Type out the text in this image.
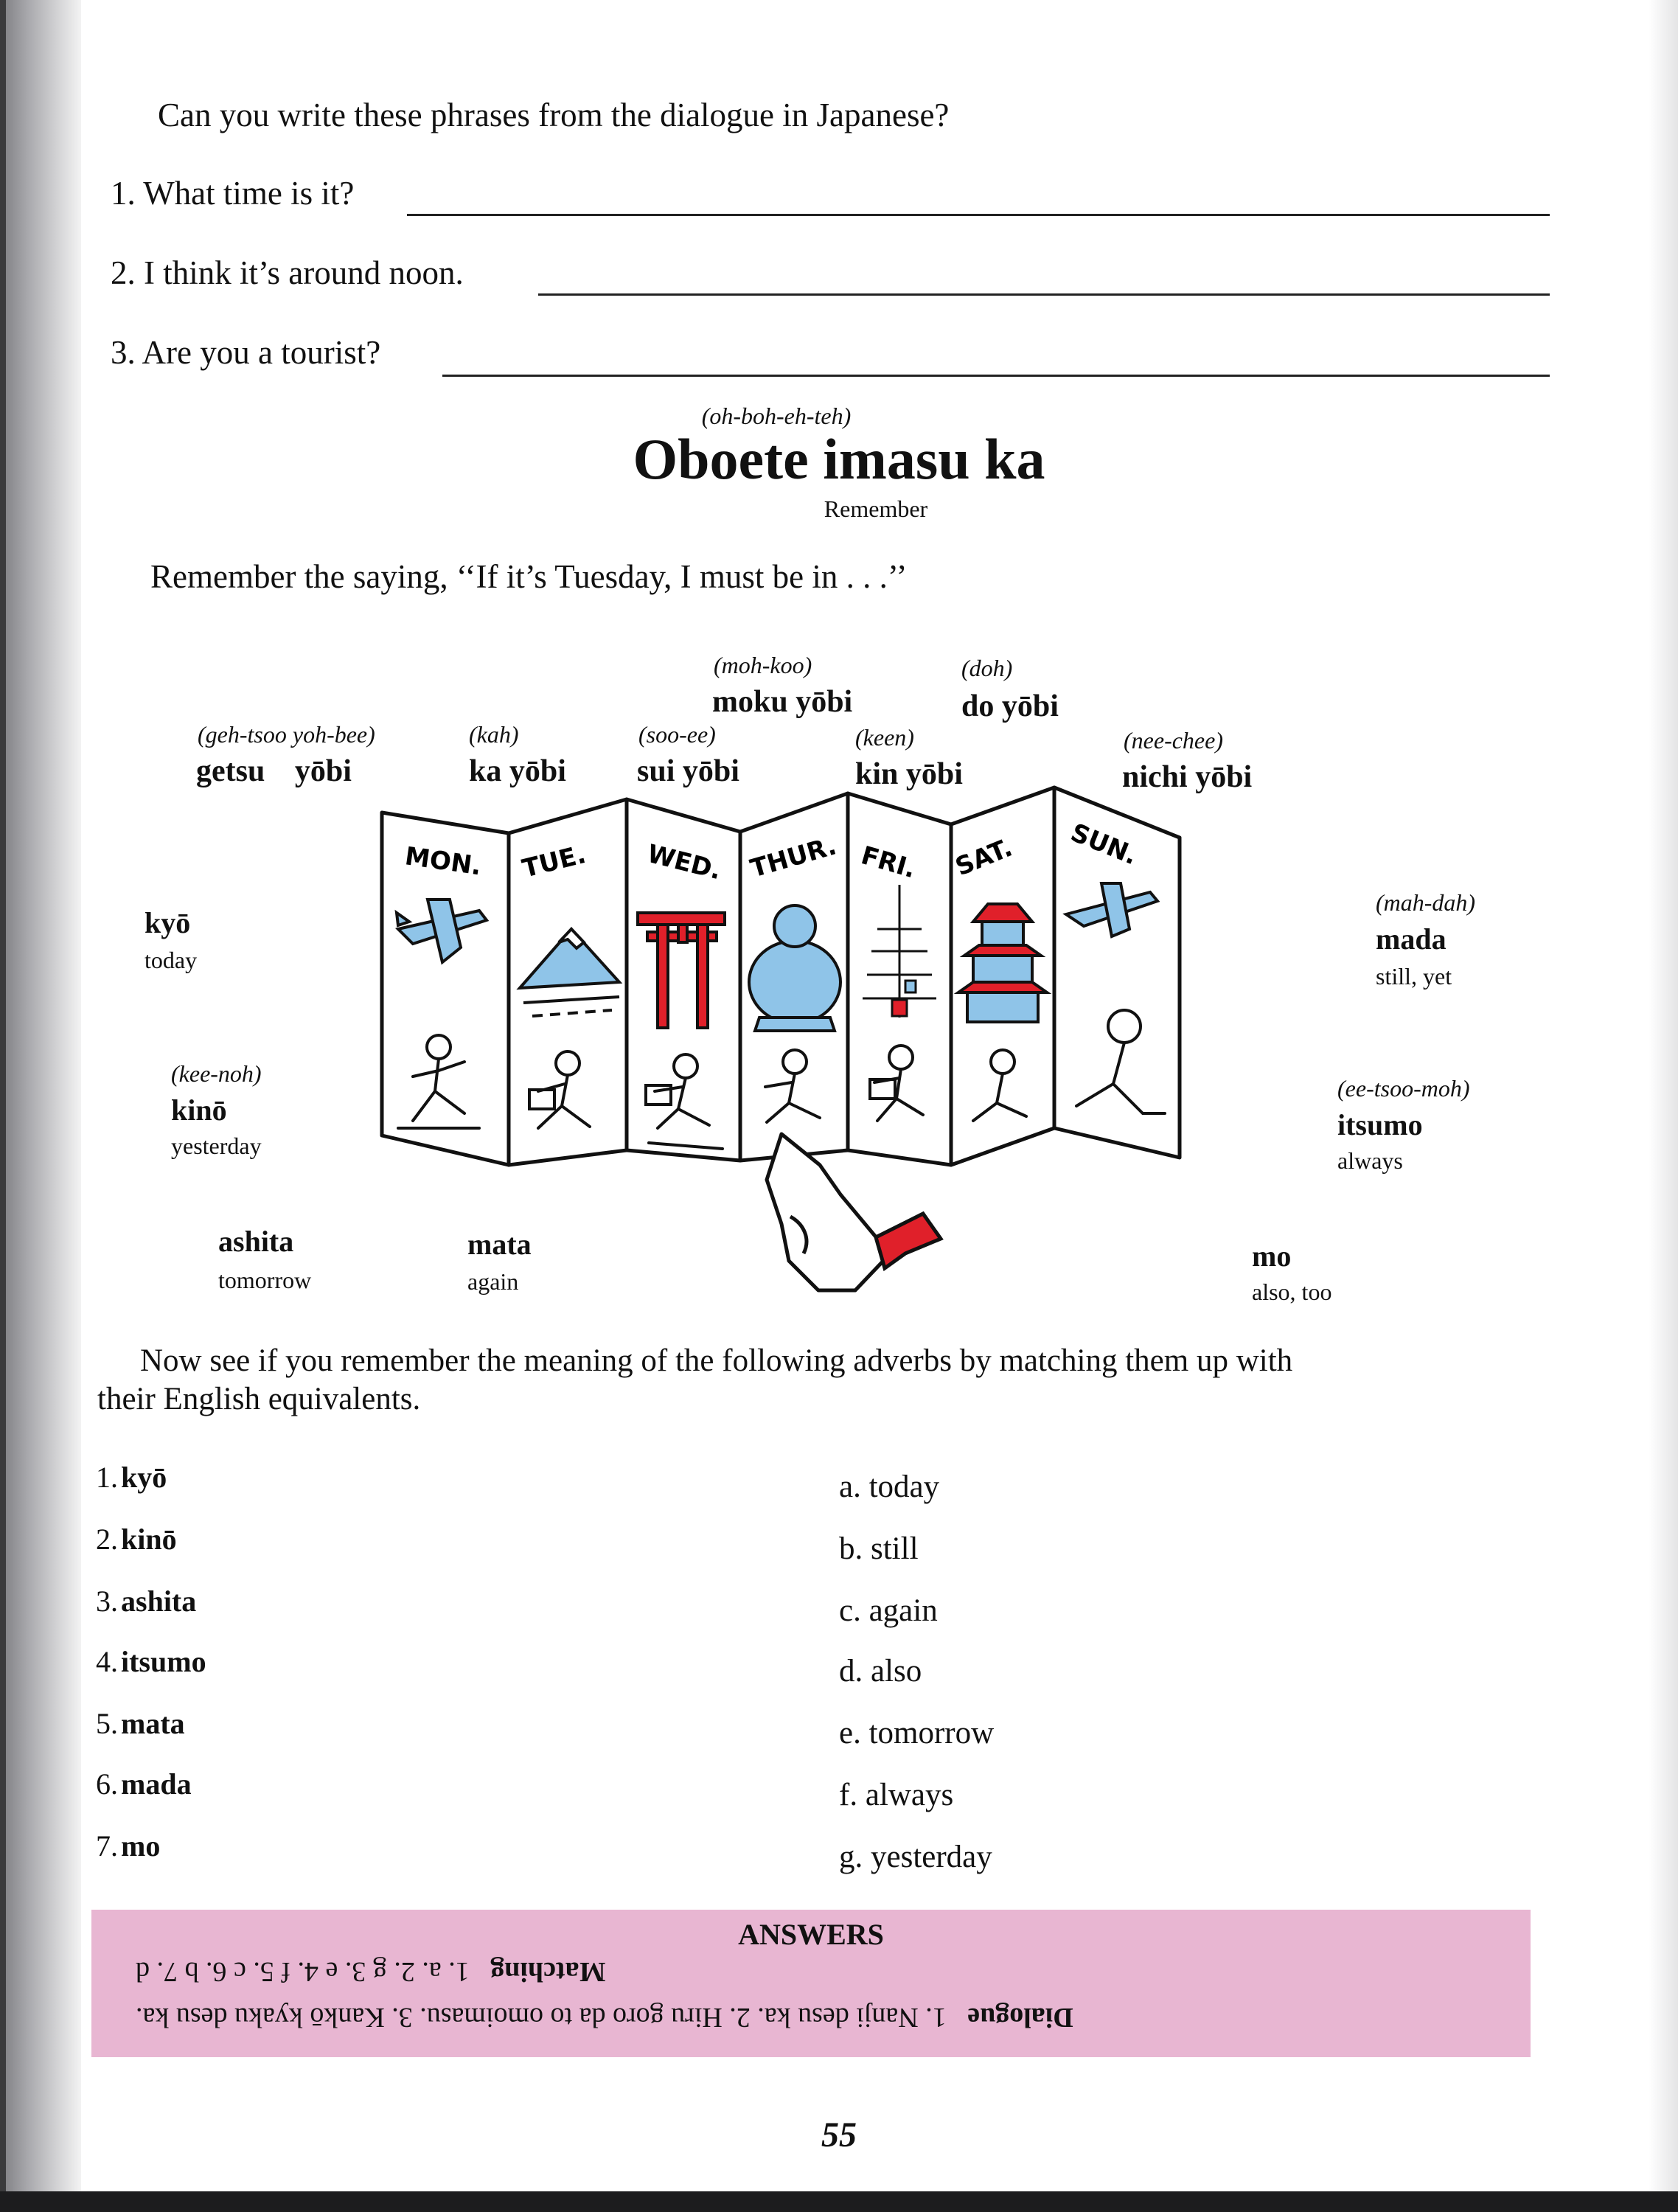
Can you write these phrases from the dialogue in Japanese?
1. What time is it?
2. I think it’s around noon.
3. Are you a tourist?
(oh-boh-eh-teh)
Oboete imasu ka
Remember
Remember the saying, ‘‘If it’s Tuesday, I must be in . . .’’
(geh-tsoo yoh-bee)
getsu yōbi
(kah)
ka yōbi
(soo-ee)
sui yōbi
(moh-koo)
moku yōbi
(keen)
kin yōbi
(doh)
do yōbi
(nee-chee)
nichi yōbi
MON. TUE. WED. THUR. FRI. SAT. SUN.
kyō
today
(kee-noh)
kinō
yesterday
ashita
tomorrow
mata
again
(mah-dah)
mada
still, yet
(ee-tsoo-moh)
itsumo
always
mo
also, too
Now see if you remember the meaning of the following adverbs by matching them up with
their English equivalents.
1. kyō
2. kinō
3. ashita
4. itsumo
5. mata
6. mada
7. mo
a. today
b. still
c. again
d. also
e. tomorrow
f. always
g. yesterday
ANSWERS
Matching   1. a. 2. g 3. e 4. f 5. c 6. b 7. d
Dialogue   1. Nanji desu ka. 2. Hiru goro da to omoimasu. 3. Kankō kyaku desu ka.
55
